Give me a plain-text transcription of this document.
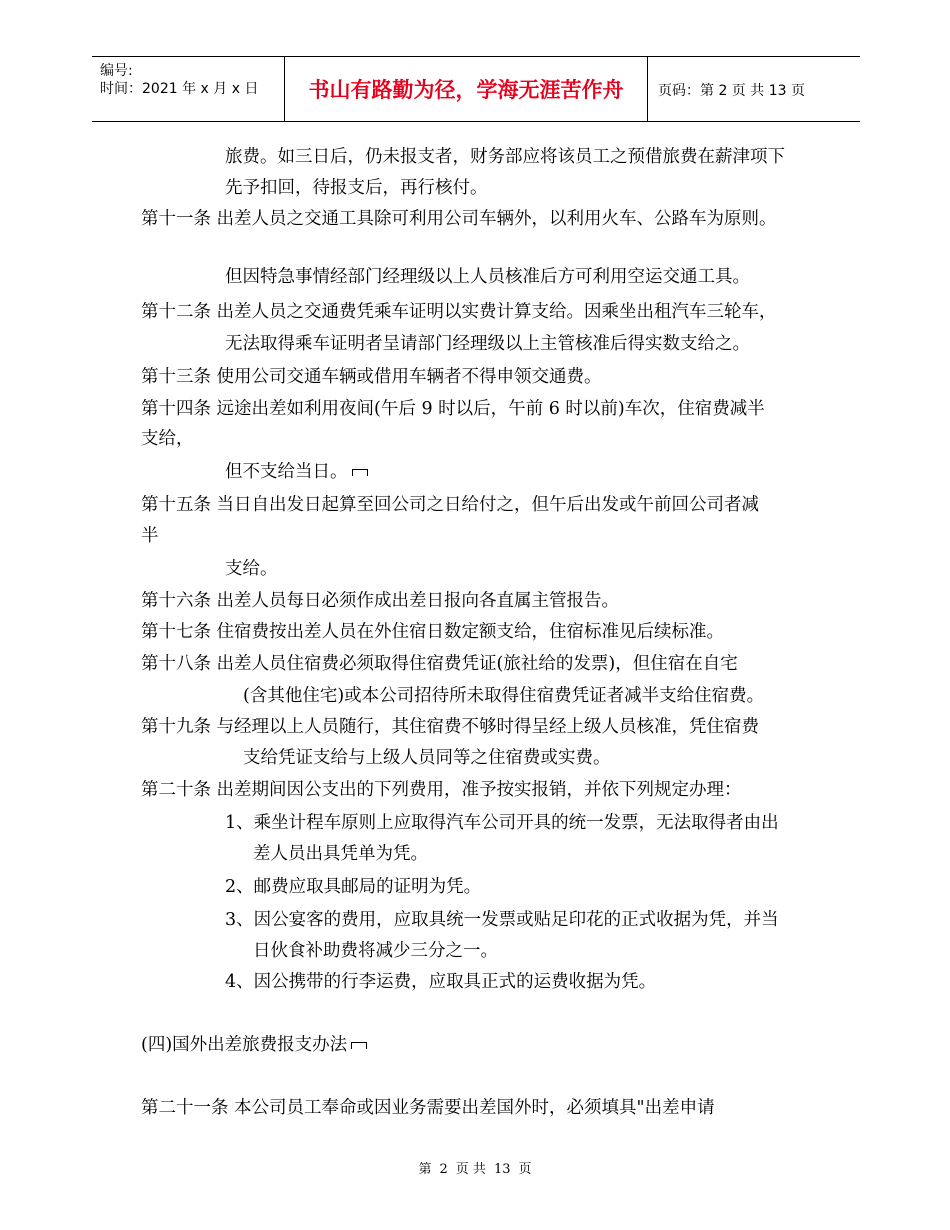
编号:
时间：2021 年 x 月 x 日	书山有路勤为径，学海无涯苦作舟	页码：第 2 页 共 13 页
旅费。如三日后，仍未报支者，财务部应将该员工之预借旅费在薪津项下
先予扣回，待报支后，再行核付。
第十一条 出差人员之交通工具除可利用公司车辆外，以利用火车、公路车为原则。
但因特急事情经部门经理级以上人员核准后方可利用空运交通工具。
第十二条 出差人员之交通费凭乘车证明以实费计算支给。因乘坐出租汽车三轮车，
无法取得乘车证明者呈请部门经理级以上主管核准后得实数支给之。
第十三条 使用公司交通车辆或借用车辆者不得申领交通费。
第十四条 远途出差如利用夜间(午后 9 时以后，午前 6 时以前)车次，住宿费减半
支给，
但不支给当日。
第十五条 当日自出发日起算至回公司之日给付之，但午后出发或午前回公司者减
半
支给。
第十六条 出差人员每日必须作成出差日报向各直属主管报告。
第十七条 住宿费按出差人员在外住宿日数定额支给，住宿标准见后续标准。
第十八条 出差人员住宿费必须取得住宿费凭证(旅社给的发票)，但住宿在自宅
(含其他住宅)或本公司招待所未取得住宿费凭证者减半支给住宿费。
第十九条 与经理以上人员随行，其住宿费不够时得呈经上级人员核准，凭住宿费
支给凭证支给与上级人员同等之住宿费或实费。
第二十条 出差期间因公支出的下列费用，准予按实报销，并依下列规定办理：
1、乘坐计程车原则上应取得汽车公司开具的统一发票，无法取得者由出
差人员出具凭单为凭。
2、邮费应取具邮局的证明为凭。
3、因公宴客的费用，应取具统一发票或贴足印花的正式收据为凭，并当
日伙食补助费将减少三分之一。
4、因公携带的行李运费，应取具正式的运费收据为凭。
(四)国外出差旅费报支办法
第二十一条 本公司员工奉命或因业务需要出差国外时，必须填具"出差申请
第 2 页 共 13 页
